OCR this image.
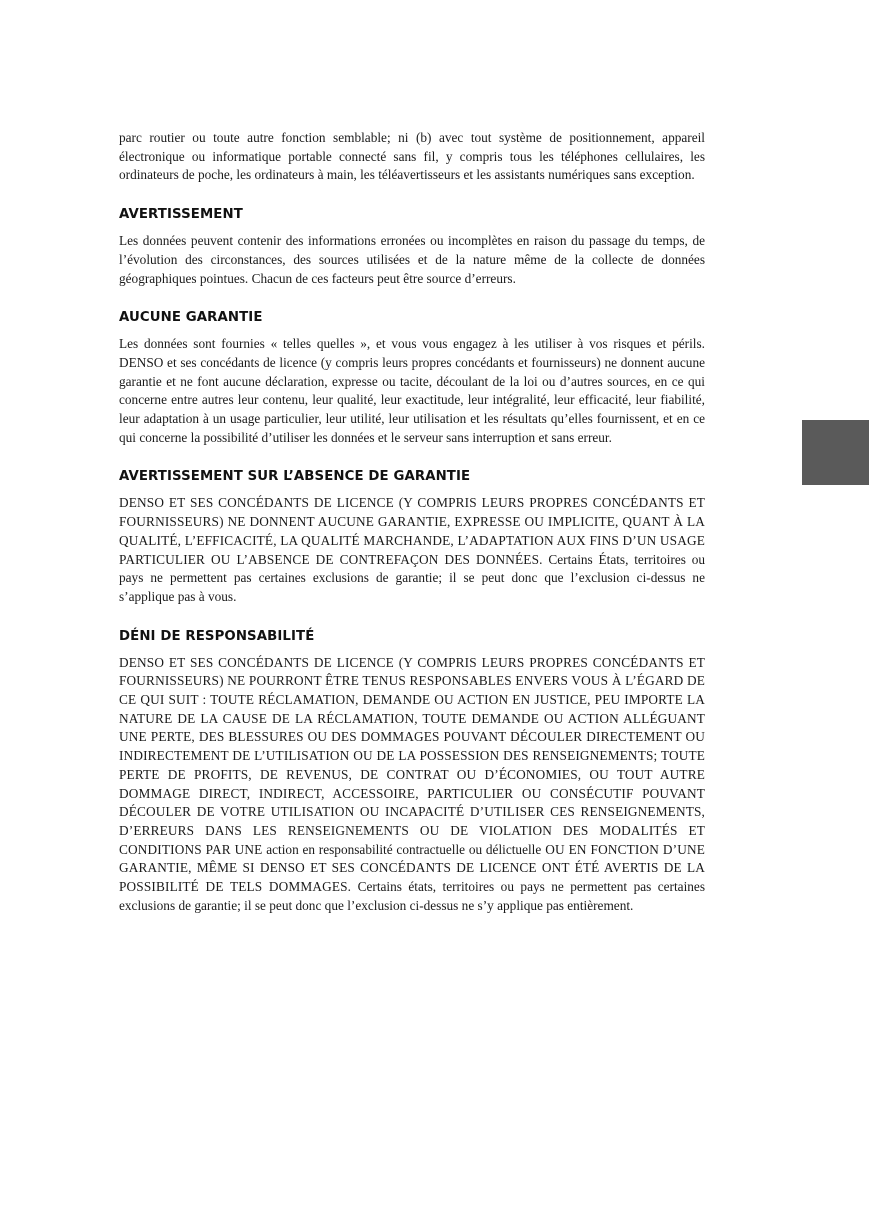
parc routier ou toute autre fonction semblable; ni (b) avec tout système de positionnement, appareil électronique ou informatique portable connecté sans fil, y compris tous les téléphones cellulaires, les ordinateurs de poche, les ordinateurs à main, les téléavertisseurs et les assistants numériques sans exception.

AVERTISSEMENT

Les données peuvent contenir des informations erronées ou incomplètes en raison du passage du temps, de l’évolution des circonstances, des sources utilisées et de la nature même de la collecte de données géographiques pointues. Chacun de ces facteurs peut être source d’erreurs.

AUCUNE GARANTIE

Les données sont fournies « telles quelles », et vous vous engagez à les utiliser à vos risques et périls. DENSO et ses concédants de licence (y compris leurs propres concédants et fournisseurs) ne donnent aucune garantie et ne font aucune déclaration, expresse ou tacite, découlant de la loi ou d’autres sources, en ce qui concerne entre autres leur contenu, leur qualité, leur exactitude, leur intégralité, leur efficacité, leur fiabilité, leur adaptation à un usage particulier, leur utilité, leur utilisation et les résultats qu’elles fournissent, et en ce qui concerne la possibilité d’utiliser les données et le serveur sans interruption et sans erreur.

AVERTISSEMENT SUR L’ABSENCE DE GARANTIE

DENSO ET SES CONCÉDANTS DE LICENCE (Y COMPRIS LEURS PROPRES CONCÉDANTS ET FOURNISSEURS) NE DONNENT AUCUNE GARANTIE, EXPRESSE OU IMPLICITE, QUANT À LA QUALITÉ, L’EFFICACITÉ, LA QUALITÉ MARCHANDE, L’ADAPTATION AUX FINS D’UN USAGE PARTICULIER OU L’ABSENCE DE CONTREFAÇON DES DONNÉES. Certains États, territoires ou pays ne permettent pas certaines exclusions de garantie; il se peut donc que l’exclusion ci-dessus ne s’applique pas à vous.

DÉNI DE RESPONSABILITÉ

DENSO ET SES CONCÉDANTS DE LICENCE (Y COMPRIS LEURS PROPRES CONCÉDANTS ET FOURNISSEURS) NE POURRONT ÊTRE TENUS RESPONSABLES ENVERS VOUS À L’ÉGARD DE CE QUI SUIT : TOUTE RÉCLAMATION, DEMANDE OU ACTION EN JUSTICE, PEU IMPORTE LA NATURE DE LA CAUSE DE LA RÉCLAMATION, TOUTE DEMANDE OU ACTION ALLÉGUANT UNE PERTE, DES BLESSURES OU DES DOMMAGES POUVANT DÉCOULER DIRECTEMENT OU INDIRECTEMENT DE L’UTILISATION OU DE LA POSSESSION DES RENSEIGNEMENTS; TOUTE PERTE DE PROFITS, DE REVENUS, DE CONTRAT OU D’ÉCONOMIES, OU TOUT AUTRE DOMMAGE DIRECT, INDIRECT, ACCESSOIRE, PARTICULIER OU CONSÉCUTIF POUVANT DÉCOULER DE VOTRE UTILISATION OU INCAPACITÉ D’UTILISER CES RENSEIGNEMENTS, D’ERREURS DANS LES RENSEIGNEMENTS OU DE VIOLATION DES MODALITÉS ET CONDITIONS PAR UNE action en responsabilité contractuelle ou délictuelle OU EN FONCTION D’UNE GARANTIE, MÊME SI DENSO ET SES CONCÉDANTS DE LICENCE ONT ÉTÉ AVERTIS DE LA POSSIBILITÉ DE TELS DOMMAGES. Certains états, territoires ou pays ne permettent pas certaines exclusions de garantie; il se peut donc que l’exclusion ci-dessus ne s’y applique pas entièrement.
